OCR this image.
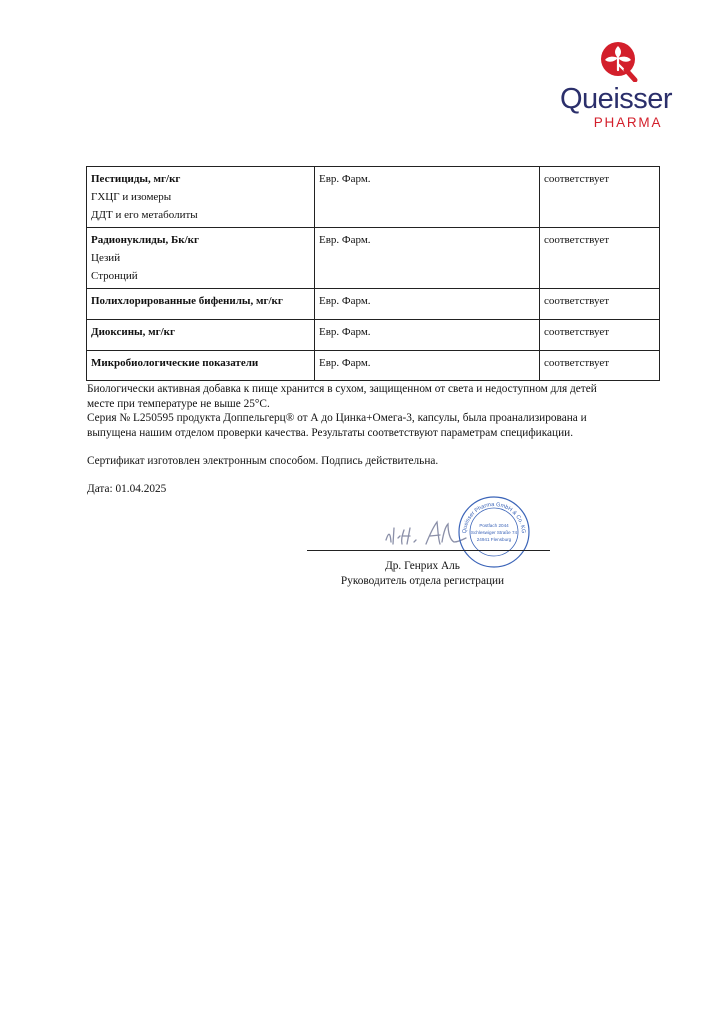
Queisser
PHARMA
Пестициды, мг/кг
ГХЦГ и изомеры
ДДТ и его метаболиты	Евр. Фарм.	соответствует

Радионуклиды, Бк/кг
Цезий
Стронций	Евр. Фарм.	соответствует
Полихлорированные бифенилы, мг/кг	Евр. Фарм.	соответствует
Диоксины, мг/кг	Евр. Фарм.	соответствует
Микробиологические показатели	Евр. Фарм.	соответствует
Биологически активная добавка к пище хранится в сухом, защищенном от света и недоступном для детей
месте при температуре не выше 25°С.
Серия № L250595 продукта Доппельгерц® от А до Цинка+Омега-3, капсулы, была проанализирована и
выпущена нашим отделом проверки качества. Результаты соответствуют параметрам спецификации.
Сертификат изготовлен электронным способом. Подпись действительна.
Дата: 01.04.2025
Queisser Pharma GmbH & Co. KG
Postfach 2044
Schleswiger Straße 74
24941 Flensburg
Др. Генрих Аль
Руководитель отдела регистрации
